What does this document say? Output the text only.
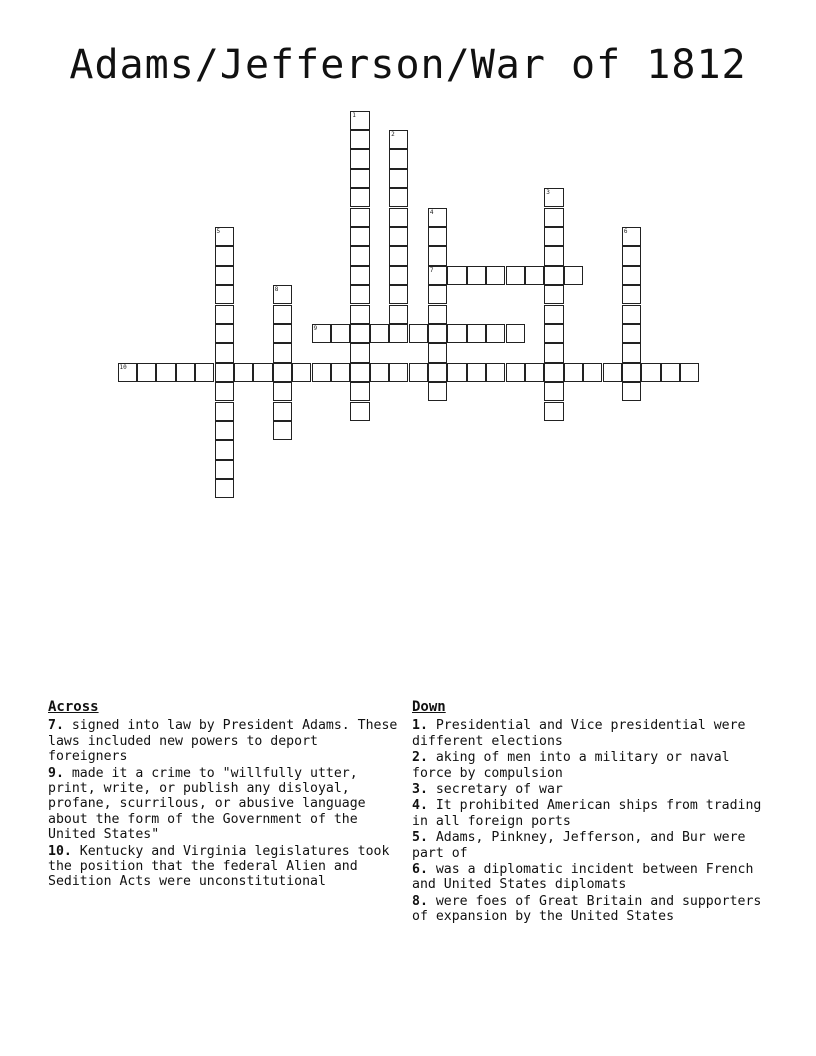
Adams/Jefferson/War of 1812
1
2
3
4
7
5	6
8
9
10
Across
7. signed into law by President Adams. These laws included new powers to deport foreigners
9. made it a crime to "willfully utter, print, write, or publish any disloyal, profane, scurrilous, or abusive language about the form of the Government of the United States"
10. Kentucky and Virginia legislatures took the position that the federal Alien and Sedition Acts were unconstitutional
Down
1. Presidential and Vice presidential were different elections
2. aking of men into a military or naval force by compulsion
3. secretary of war
4. It prohibited American ships from trading in all foreign ports
5. Adams, Pinkney, Jefferson, and Bur were part of
6. was a diplomatic incident between French and United States diplomats
8. were foes of Great Britain and supporters of expansion by the United States
